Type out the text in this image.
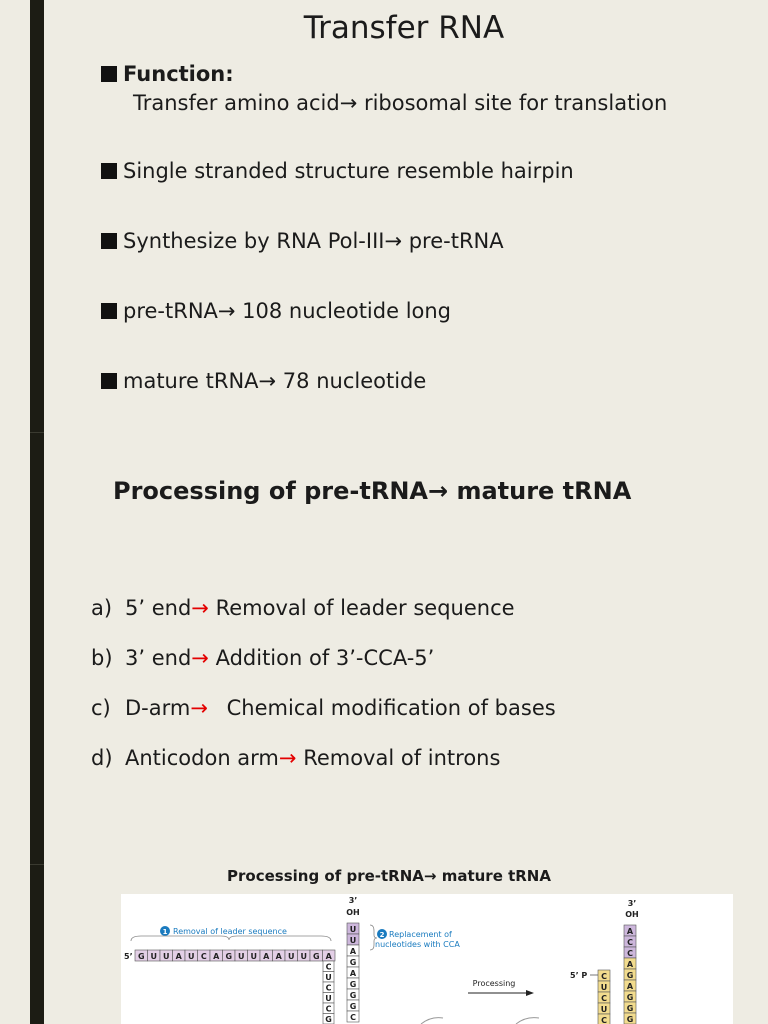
Transfer RNA
Function:
Transfer amino acid→ ribosomal site for translation
Single stranded structure resemble hairpin
Synthesize by RNA Pol-III→ pre-tRNA
pre-tRNA→ 108 nucleotide long
mature tRNA→ 78 nucleotide
Processing of pre-tRNA→ mature tRNA
a) 5’ end→ Removal of leader sequence
b) 3’ end→ Addition of 3’-CCA-5’
c) D-arm→ Chemical modification of bases
d) Anticodon arm→ Removal of introns
Processing of pre-tRNA→ mature tRNA
1 Removal of leader sequence
5’ G U U A U C A G U U A A U U G A
3’
OH
U
U
C
U
C
U
C
G
A
G
A
G
G
G
C
2 Replacement of
nucleotides with CCA
Processing
3’
OH
5’ P
A
C
C
C
U
C
U
C
A
G
A
G
G
G
